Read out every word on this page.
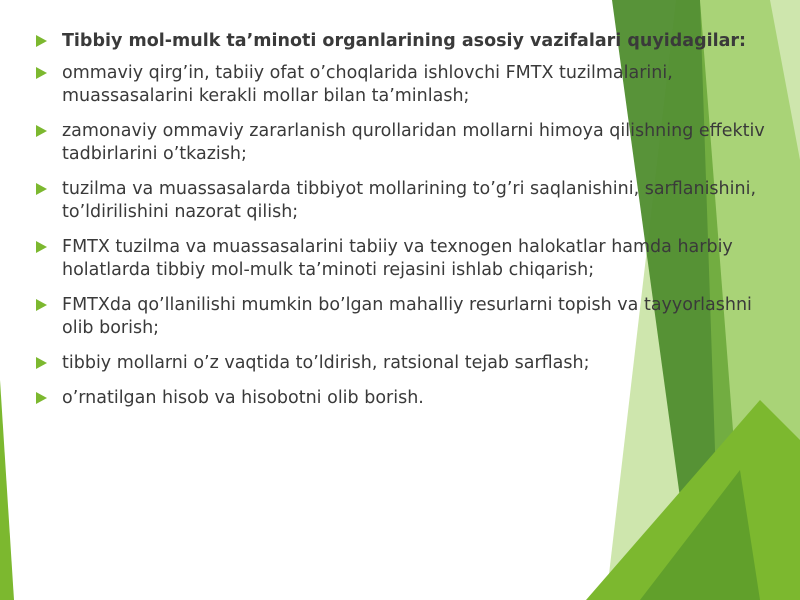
Tibbiy mol-mulk ta’minoti organlarining asosiy vazifalari quyidagilar:
ommaviy qirg’in, tabiiy ofat o’choqlarida ishlovchi FMTX tuzilmalarini, muassasalarini kerakli mollar bilan ta’minlash;
zamonaviy ommaviy zararlanish qurollaridan mollarni himoya qilishning effektiv tadbirlarini o’tkazish;
tuzilma va muassasalarda tibbiyot mollarining to’g’ri saqlanishini, sarflanishini, to’ldirilishini nazorat qilish;
FMTX tuzilma va muassasalarini tabiiy va texnogen halokatlar hamda harbiy holatlarda tibbiy mol-mulk ta’minoti rejasini ishlab chiqarish;
FMTXda qo’llanilishi mumkin bo’lgan mahalliy resurlarni topish va tayyorlashni olib borish;
tibbiy mollarni o’z vaqtida to’ldirish, ratsional tejab sarflash;
o’rnatilgan hisob va hisobotni olib borish.
